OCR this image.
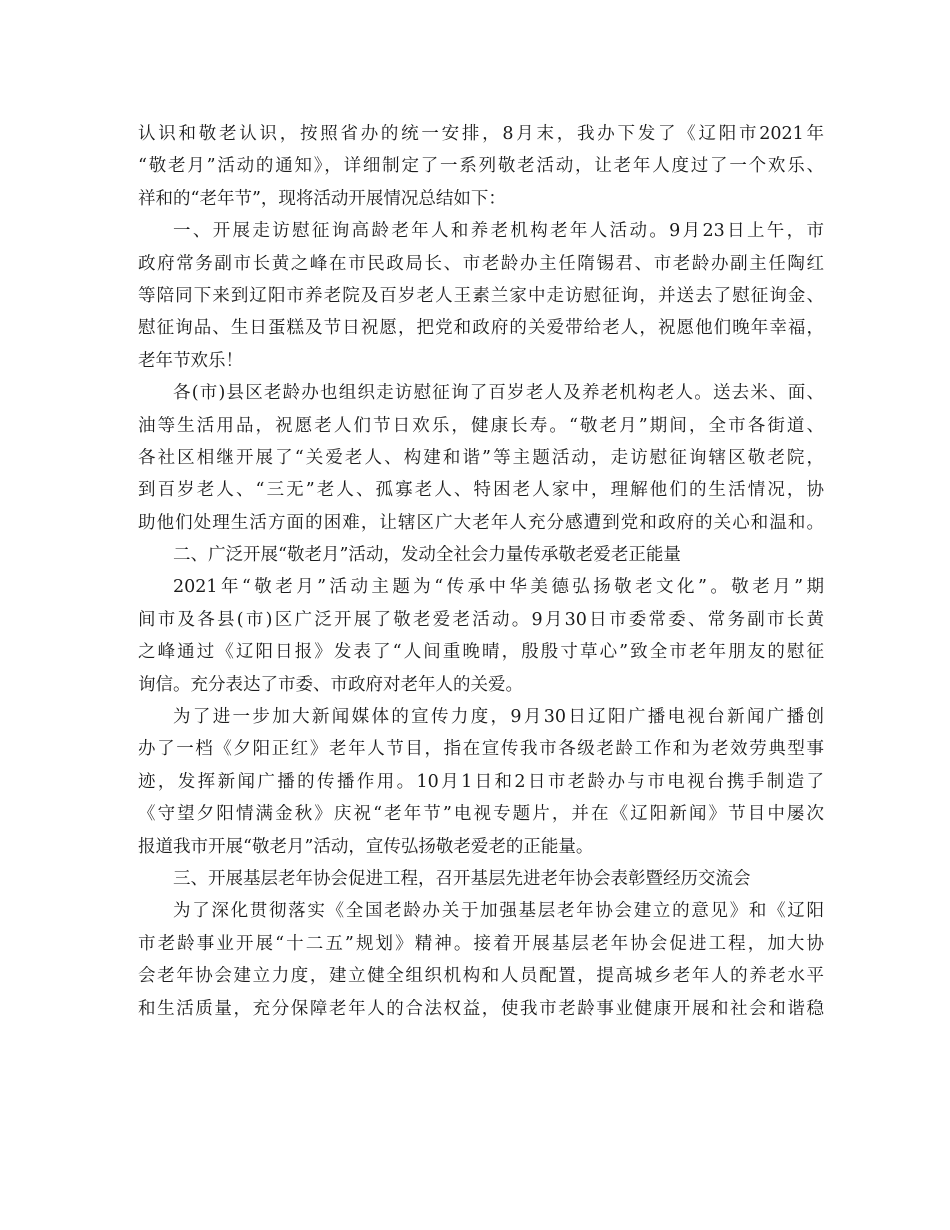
认识和敬老认识，按照省办的统一安排，8月末，我办下发了《辽阳市2021年
“敬老月”活动的通知》，详细制定了一系列敬老活动，让老年人度过了一个欢乐、
祥和的“老年节”，现将活动开展情况总结如下：
一、开展走访慰征询高龄老年人和养老机构老年人活动。9月23日上午，市
政府常务副市长黄之峰在市民政局长、市老龄办主任隋锡君、市老龄办副主任陶红
等陪同下来到辽阳市养老院及百岁老人王素兰家中走访慰征询，并送去了慰征询金、
慰征询品、生日蛋糕及节日祝愿，把党和政府的关爱带给老人，祝愿他们晚年幸福，
老年节欢乐！
各(市)县区老龄办也组织走访慰征询了百岁老人及养老机构老人。送去米、面、
油等生活用品，祝愿老人们节日欢乐，健康长寿。“敬老月”期间，全市各街道、
各社区相继开展了“关爱老人、构建和谐”等主题活动，走访慰征询辖区敬老院，
到百岁老人、“三无”老人、孤寡老人、特困老人家中，理解他们的生活情况，协
助他们处理生活方面的困难，让辖区广大老年人充分感遭到党和政府的关心和温和。
二、广泛开展“敬老月”活动，发动全社会力量传承敬老爱老正能量
2021年“敬老月”活动主题为“传承中华美德弘扬敬老文化”。敬老月”期
间市及各县(市)区广泛开展了敬老爱老活动。9月30日市委常委、常务副市长黄
之峰通过《辽阳日报》发表了“人间重晚晴，殷殷寸草心”致全市老年朋友的慰征
询信。充分表达了市委、市政府对老年人的关爱。
为了进一步加大新闻媒体的宣传力度，9月30日辽阳广播电视台新闻广播创
办了一档《夕阳正红》老年人节目，指在宣传我市各级老龄工作和为老效劳典型事
迹，发挥新闻广播的传播作用。10月1日和2日市老龄办与市电视台携手制造了
《守望夕阳情满金秋》庆祝“老年节”电视专题片，并在《辽阳新闻》节目中屡次
报道我市开展“敬老月”活动，宣传弘扬敬老爱老的正能量。
三、开展基层老年协会促进工程，召开基层先进老年协会表彰暨经历交流会
为了深化贯彻落实《全国老龄办关于加强基层老年协会建立的意见》和《辽阳
市老龄事业开展“十二五”规划》精神。接着开展基层老年协会促进工程，加大协
会老年协会建立力度，建立健全组织机构和人员配置，提高城乡老年人的养老水平
和生活质量，充分保障老年人的合法权益，使我市老龄事业健康开展和社会和谐稳
